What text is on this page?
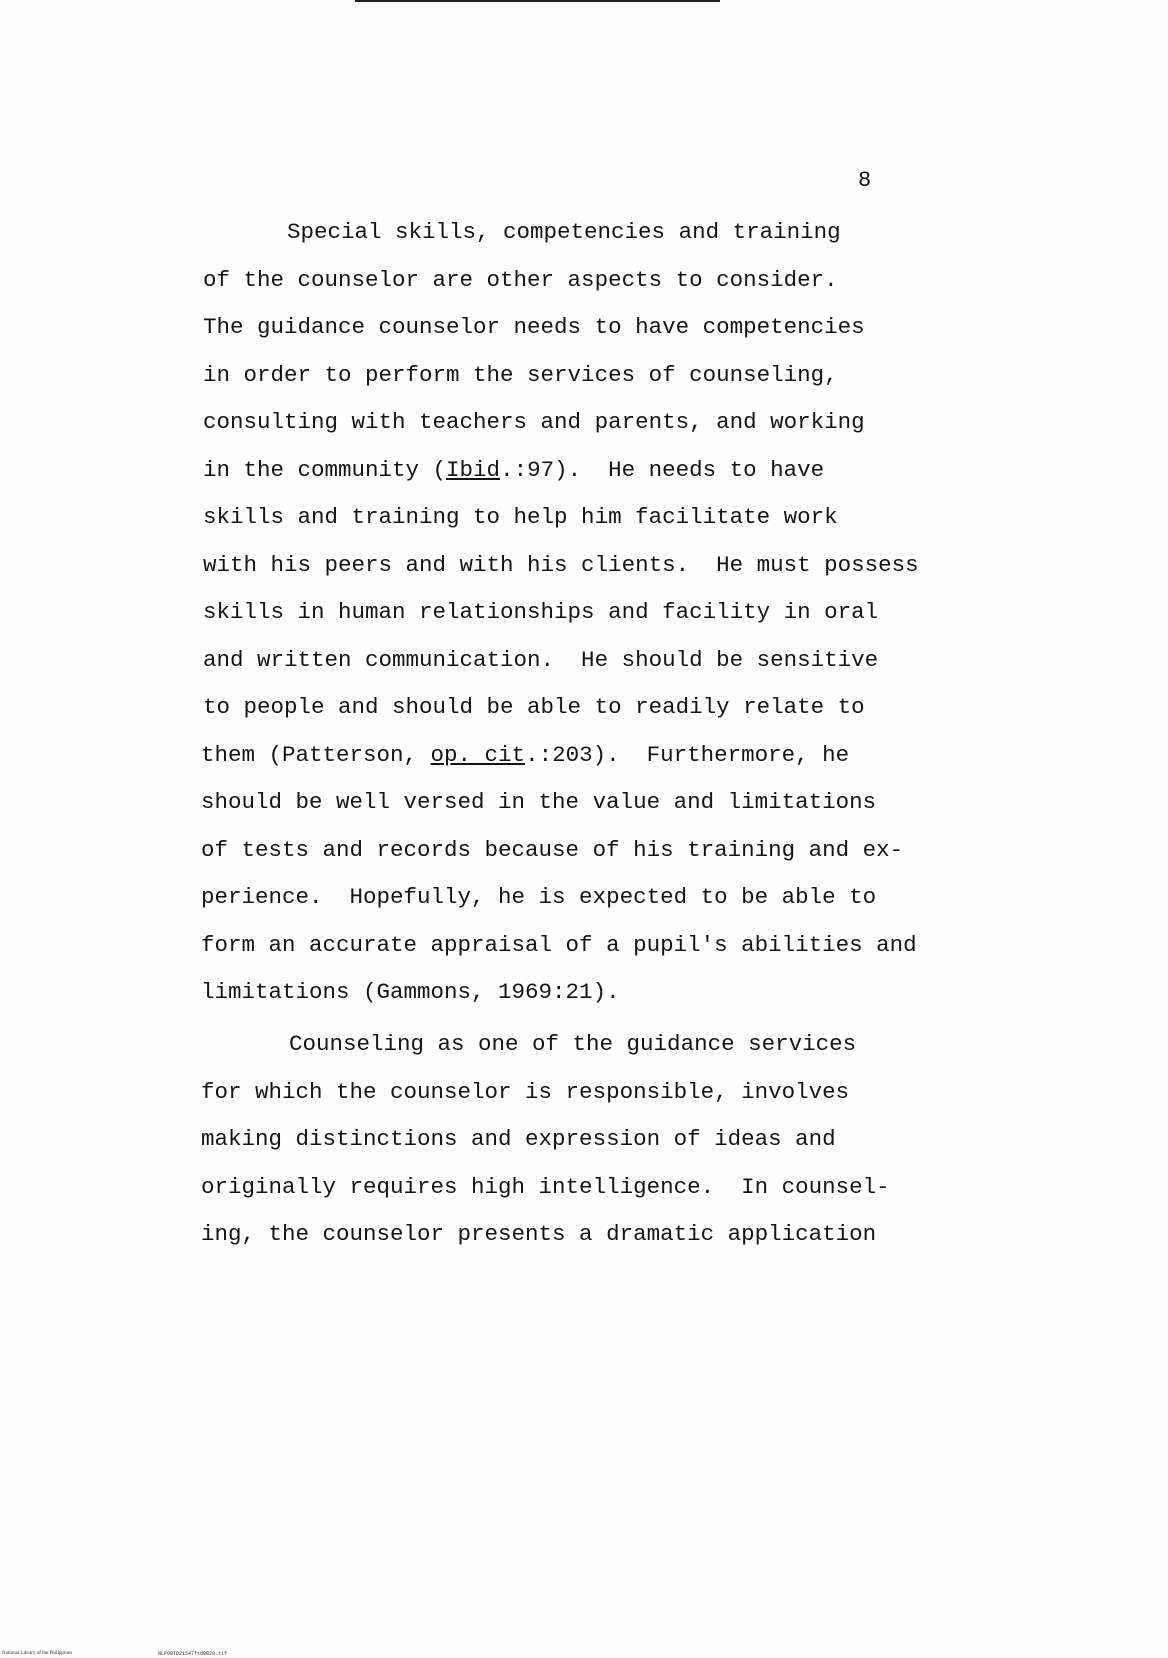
8
Special skills, competencies and training
of the counselor are other aspects to consider.
The guidance counselor needs to have competencies
in order to perform the services of counseling,
consulting with teachers and parents, and working
in the community (Ibid.:97).  He needs to have
skills and training to help him facilitate work
with his peers and with his clients.  He must possess
skills in human relationships and facility in oral
and written communication.  He should be sensitive
to people and should be able to readily relate to
them (Patterson, op. cit.:203).  Furthermore, he
should be well versed in the value and limitations
of tests and records because of his training and ex-
perience.  Hopefully, he is expected to be able to
form an accurate appraisal of a pupil's abilities and
limitations (Gammons, 1969:21).
Counseling as one of the guidance services
for which the counselor is responsible, involves
making distinctions and expression of ideas and
originally requires high intelligence.  In counsel-
ing, the counselor presents a dramatic application
National Library of the Philippines	NLP00TD21547ftd0020.tif
